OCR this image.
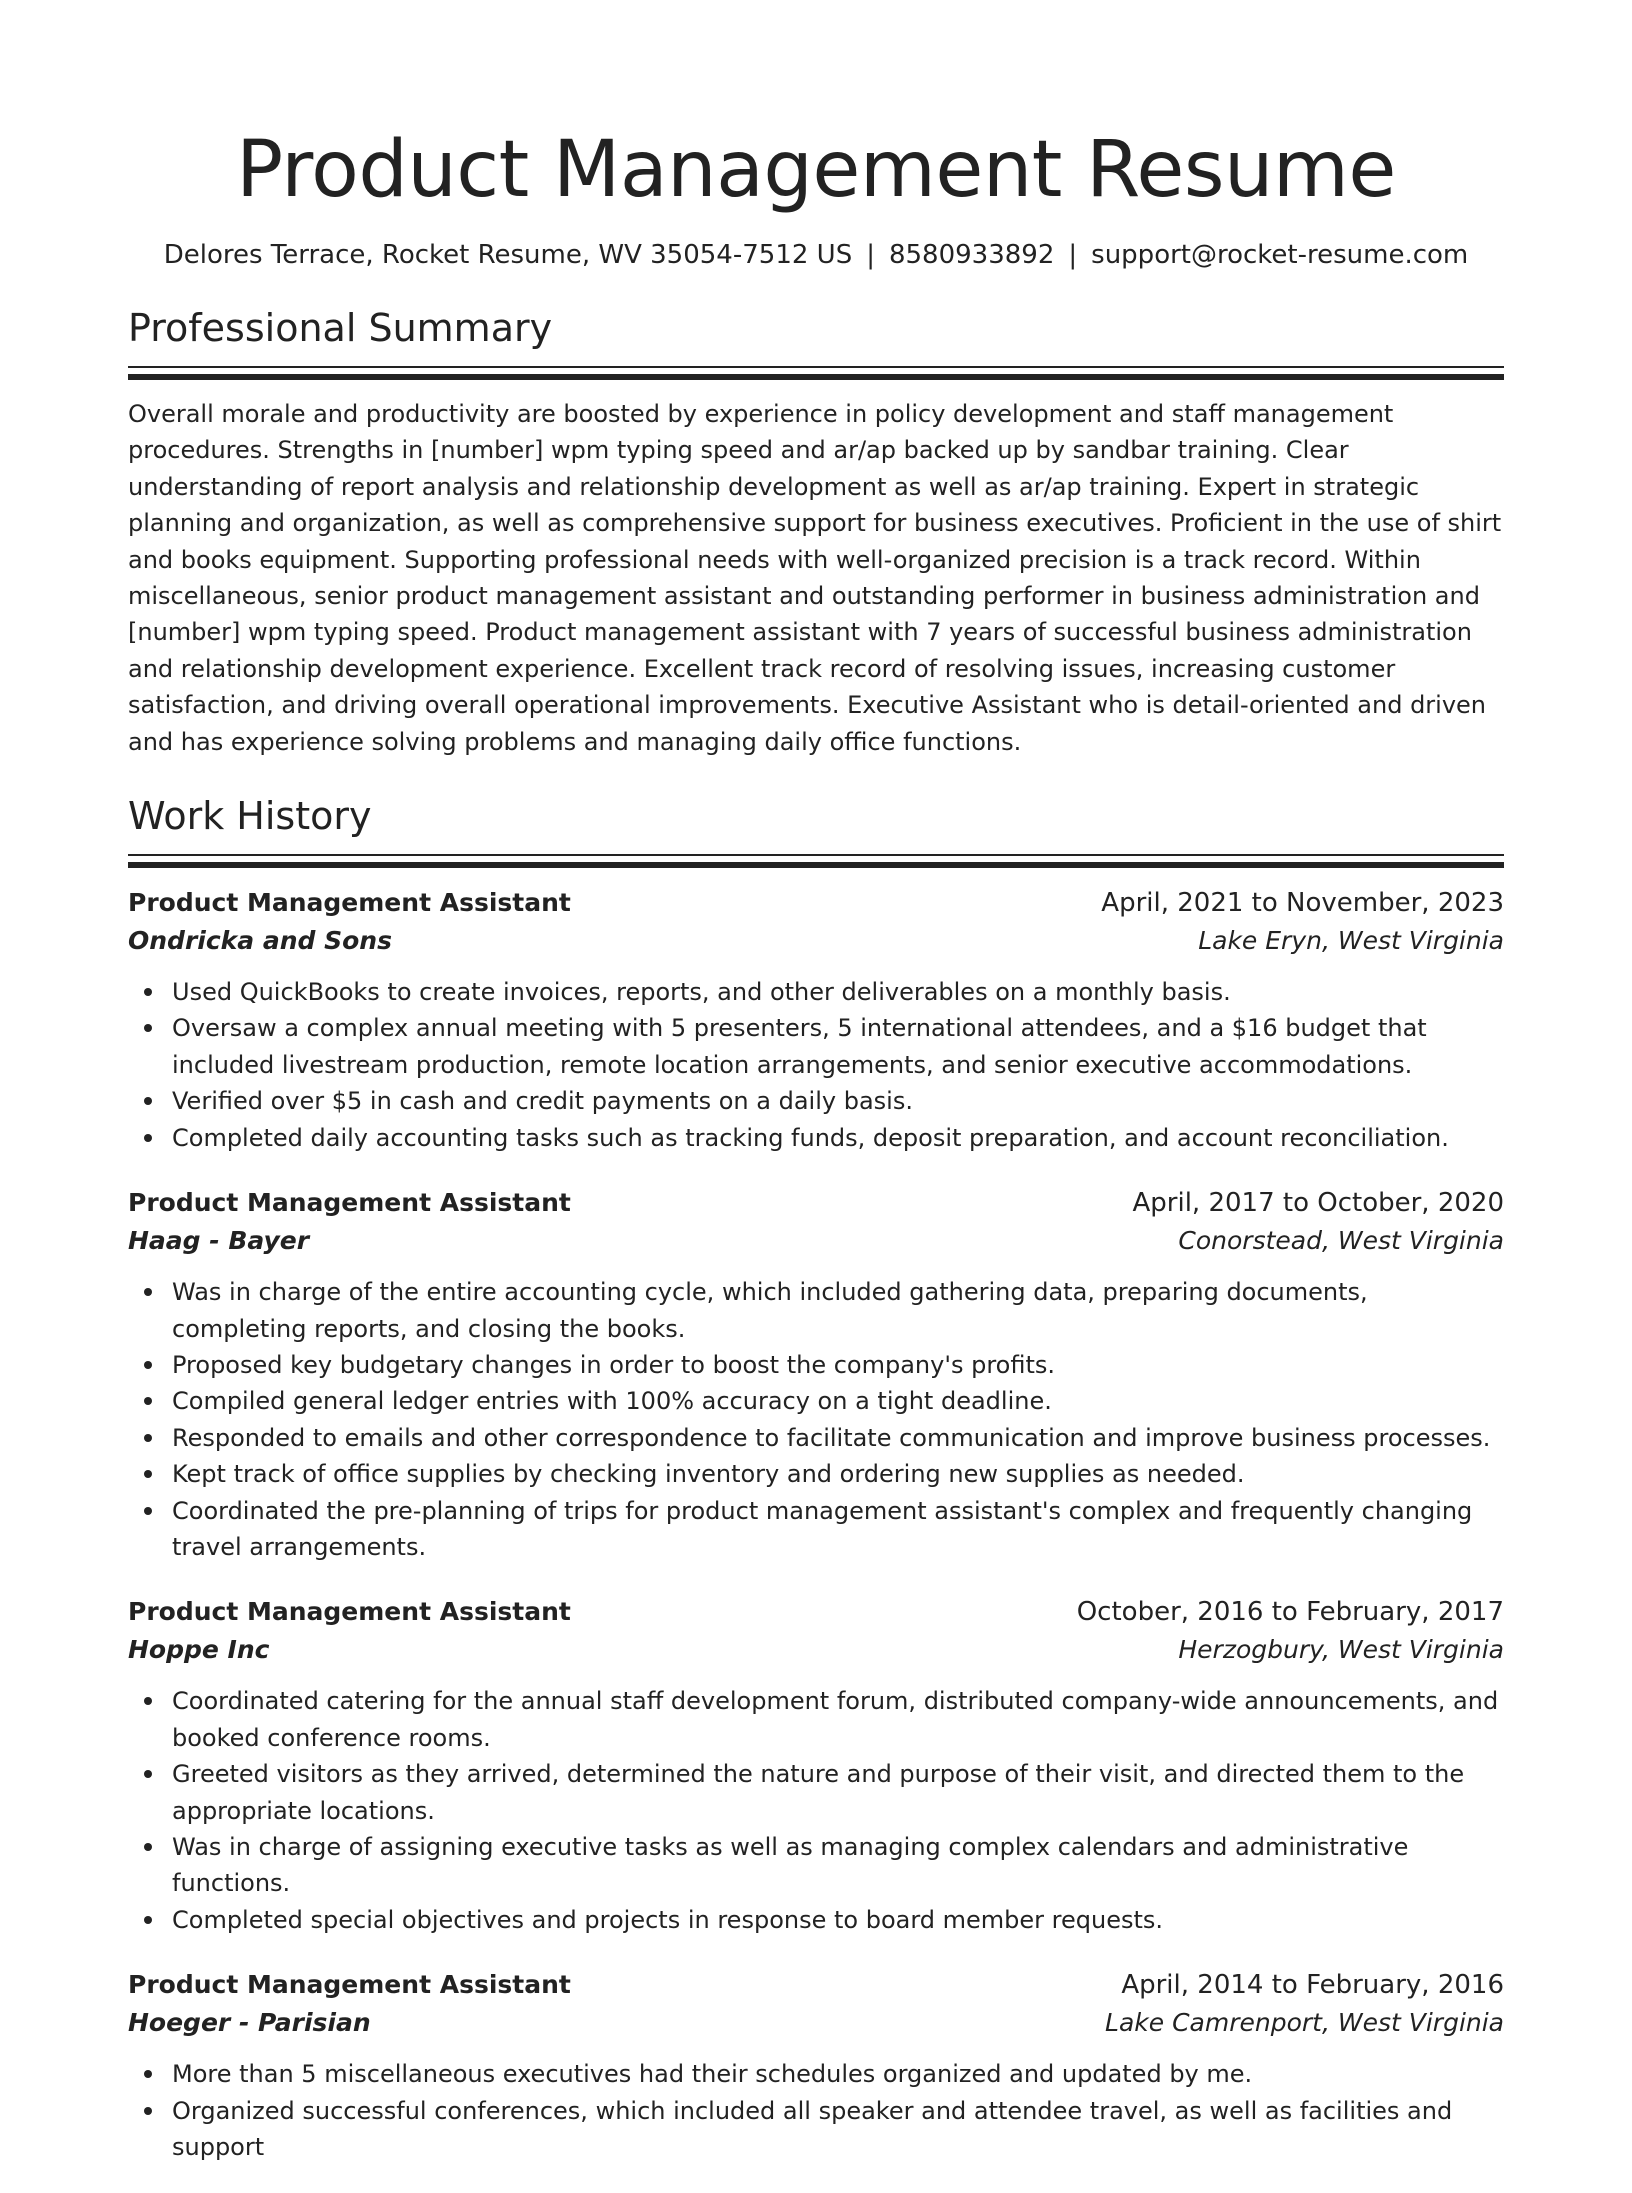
Product Management Resume
Delores Terrace, Rocket Resume, WV 35054-7512 US | 8580933892 | support@rocket-resume.com
Professional Summary

Overall morale and productivity are boosted by experience in policy development and staff management procedures. Strengths in [number] wpm typing speed and ar/ap backed up by sandbar training. Clear understanding of report analysis and relationship development as well as ar/ap training. Expert in strategic planning and organization, as well as comprehensive support for business executives. Proficient in the use of shirt and books equipment. Supporting professional needs with well-organized precision is a track record. Within miscellaneous, senior product management assistant and outstanding performer in business administration and [number] wpm typing speed. Product management assistant with 7 years of successful business administration and relationship development experience. Excellent track record of resolving issues, increasing customer satisfaction, and driving overall operational improvements. Executive Assistant who is detail-oriented and driven and has experience solving problems and managing daily office functions.

Work History
Product Management Assistant	April, 2021 to November, 2023
Ondricka and Sons	Lake Eryn, West Virginia
Used QuickBooks to create invoices, reports, and other deliverables on a monthly basis.
Oversaw a complex annual meeting with 5 presenters, 5 international attendees, and a $16 budget that included livestream production, remote location arrangements, and senior executive accommodations.
Verified over $5 in cash and credit payments on a daily basis.
Completed daily accounting tasks such as tracking funds, deposit preparation, and account reconciliation.
Product Management Assistant	April, 2017 to October, 2020
Haag - Bayer	Conorstead, West Virginia
Was in charge of the entire accounting cycle, which included gathering data, preparing documents, completing reports, and closing the books.
Proposed key budgetary changes in order to boost the company's profits.
Compiled general ledger entries with 100% accuracy on a tight deadline.
Responded to emails and other correspondence to facilitate communication and improve business processes.
Kept track of office supplies by checking inventory and ordering new supplies as needed.
Coordinated the pre-planning of trips for product management assistant's complex and frequently changing travel arrangements.
Product Management Assistant	October, 2016 to February, 2017
Hoppe Inc	Herzogbury, West Virginia
Coordinated catering for the annual staff development forum, distributed company-wide announcements, and booked conference rooms.
Greeted visitors as they arrived, determined the nature and purpose of their visit, and directed them to the appropriate locations.
Was in charge of assigning executive tasks as well as managing complex calendars and administrative functions.
Completed special objectives and projects in response to board member requests.
Product Management Assistant	April, 2014 to February, 2016
Hoeger - Parisian	Lake Camrenport, West Virginia
More than 5 miscellaneous executives had their schedules organized and updated by me.
Organized successful conferences, which included all speaker and attendee travel, as well as facilities and support
